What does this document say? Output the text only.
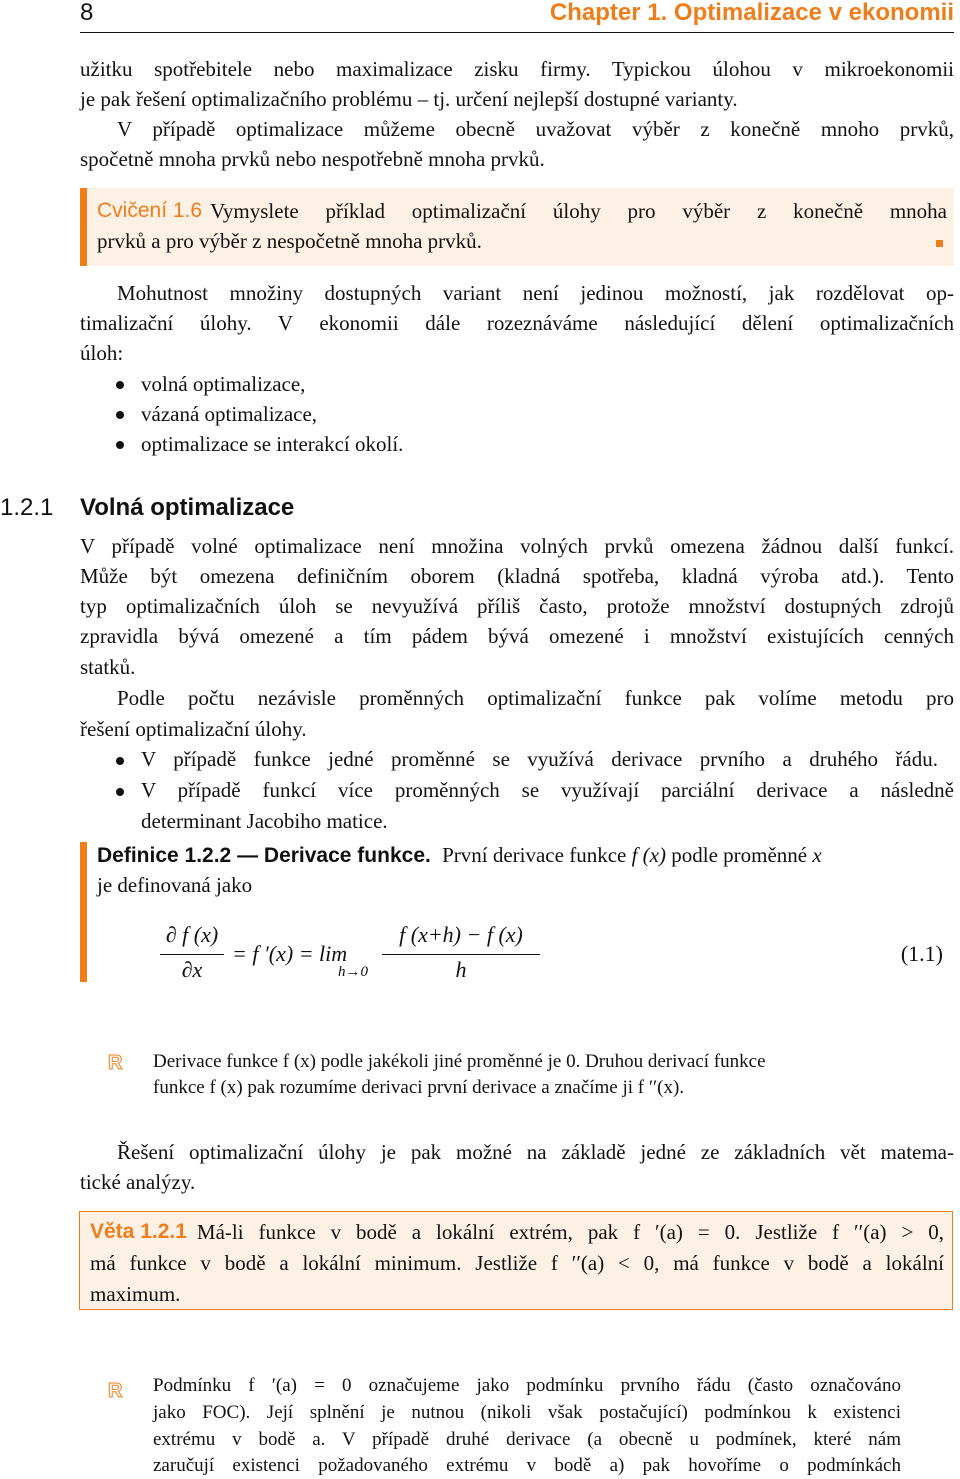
8	Chapter 1. Optimalizace v ekonomii
užitku spotřebitele nebo maximalizace zisku firmy. Typickou úlohou v mikroekonomii
je pak řešení optimalizačního problému – tj. určení nejlepší dostupné varianty.
V případě optimalizace můžeme obecně uvažovat výběr z konečně mnoho prvků,
spočetně mnoha prvků nebo nespotřebně mnoha prvků.
Cvičení 1.6 Vymyslete příklad optimalizační úlohy pro výběr z konečně mnoha
prvků a pro výběr z nespočetně mnoha prvků.
Mohutnost množiny dostupných variant není jedinou možností, jak rozdělovat op-
timalizační úlohy. V ekonomii dále rozeznáváme následující dělení optimalizačních
úloh:
volná optimalizace,
vázaná optimalizace,
optimalizace se interakcí okolí.
1.2.1 Volná optimalizace
V případě volné optimalizace není množina volných prvků omezena žádnou další funkcí.
Může být omezena definičním oborem (kladná spotřeba, kladná výroba atd.). Tento
typ optimalizačních úloh se nevyužívá příliš často, protože množství dostupných zdrojů
zpravidla bývá omezené a tím pádem bývá omezené i množství existujících cenných
statků.
Podle počtu nezávisle proměnných optimalizační funkce pak volíme metodu pro
řešení optimalizační úlohy.
V případě funkce jedné proměnné se využívá derivace prvního a druhého řádu.
V případě funkcí více proměnných se využívají parciální derivace a následně
determinant Jacobiho matice.
Definice 1.2.2 — Derivace funkce. První derivace funkce f (x) podle proměnné x
je definovaná jako
∂ f (x)
∂x
= f ′(x) = lim
h→0
f (x+h) − f (x)
h
(1.1)
R Derivace funkce f (x) podle jakékoli jiné proměnné je 0. Druhou derivací funkce
funkce f (x) pak rozumíme derivaci první derivace a značíme ji f ′′(x).
Řešení optimalizační úlohy je pak možné na základě jedné ze základních vět matema-
tické analýzy.
Věta 1.2.1 Má-li funkce v bodě a lokální extrém, pak f ′(a) = 0. Jestliže f ′′(a) > 0,
má funkce v bodě a lokální minimum. Jestliže f ′′(a) < 0, má funkce v bodě a lokální
maximum.
R Podmínku f ′(a) = 0 označujeme jako podmínku prvního řádu (často označováno
jako FOC). Její splnění je nutnou (nikoli však postačující) podmínkou k existenci
extrému v bodě a. V případě druhé derivace (a obecně u podmínek, které nám
zaručují existenci požadovaného extrému v bodě a) pak hovoříme o podmínkách
